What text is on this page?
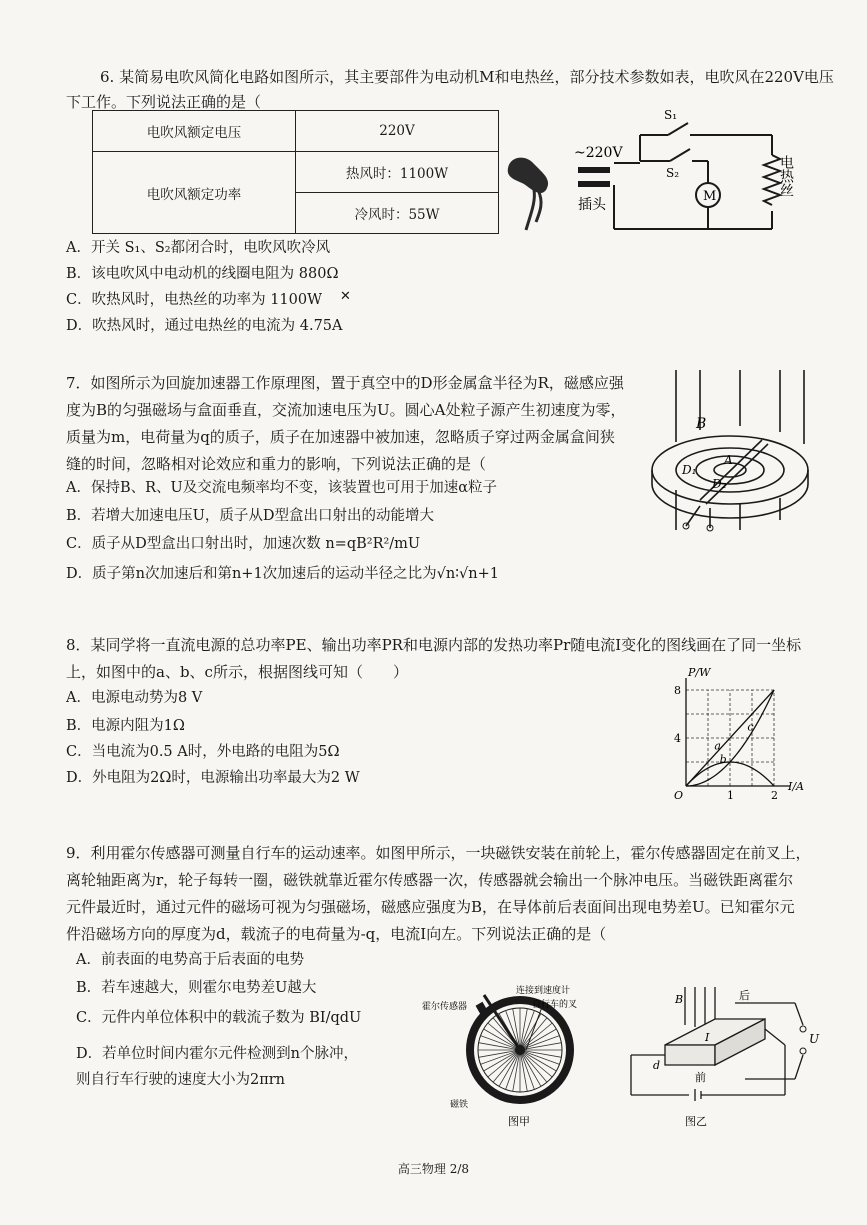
6. 某简易电吹风简化电路如图所示，其主要部件为电动机M和电热丝，部分技术参数如表，电吹风在220V电压
下工作。下列说法正确的是（
电吹风额定电压	220V
电吹风额定功率	热风时：1100W
	冷风时：55W
S₁
S₂
~220V
插头
M	电热丝
A．开关 S₁、S₂都闭合时，电吹风吹冷风
B．该电吹风中电动机的线圈电阻为 880Ω
C．吹热风时，电热丝的功率为 1100W ✕
D．吹热风时，通过电热丝的电流为 4.75A
7．如图所示为回旋加速器工作原理图，置于真空中的D形金属盒半径为R，磁感应强
度为B的匀强磁场与盒面垂直，交流加速电压为U。圆心A处粒子源产生初速度为零，
质量为m，电荷量为q的质子，质子在加速器中被加速，忽略质子穿过两金属盒间狭
缝的时间，忽略相对论效应和重力的影响，下列说法正确的是（
A．保持B、R、U及交流电频率均不变，该装置也可用于加速α粒子
B．若增大加速电压U，质子从D型盒出口射出的动能增大
C．质子从D型盒出口射出时，加速次数 n=qB²R²/mU
D．质子第n次加速后和第n+1次加速后的运动半径之比为√n∶√n+1
B
A
D₁
D₂
8．某同学将一直流电源的总功率PE、输出功率PR和电源内部的发热功率Pr随电流I变化的图线画在了同一坐标
上，如图中的a、b、c所示，根据图线可知（　　）
A．电源电动势为8 V
B．电源内阻为1Ω
C．当电流为0.5 A时，外电路的电阻为5Ω
D．外电阻为2Ω时，电源输出功率最大为2 W
a
b
c
1	2
4
8
P/W
I/A
O
9．利用霍尔传感器可测量自行车的运动速率。如图甲所示，一块磁铁安装在前轮上，霍尔传感器固定在前叉上，
离轮轴距离为r，轮子每转一圈，磁铁就靠近霍尔传感器一次，传感器就会输出一个脉冲电压。当磁铁距离霍尔
元件最近时，通过元件的磁场可视为匀强磁场，磁感应强度为B，在导体前后表面间出现电势差U。已知霍尔元
件沿磁场方向的厚度为d，载流子的电荷量为-q，电流I向左。下列说法正确的是（
A．前表面的电势高于后表面的电势
B．若车速越大，则霍尔电势差U越大
C．元件内单位体积中的载流子数为 BI/qdU
D．若单位时间内霍尔元件检测到n个脉冲，
则自行车行驶的速度大小为2πrn
霍尔传感器
连接到速度计
自行车的叉
磁铁
图甲
B	后
前
I
d
U
图乙
高三物理 2/8
